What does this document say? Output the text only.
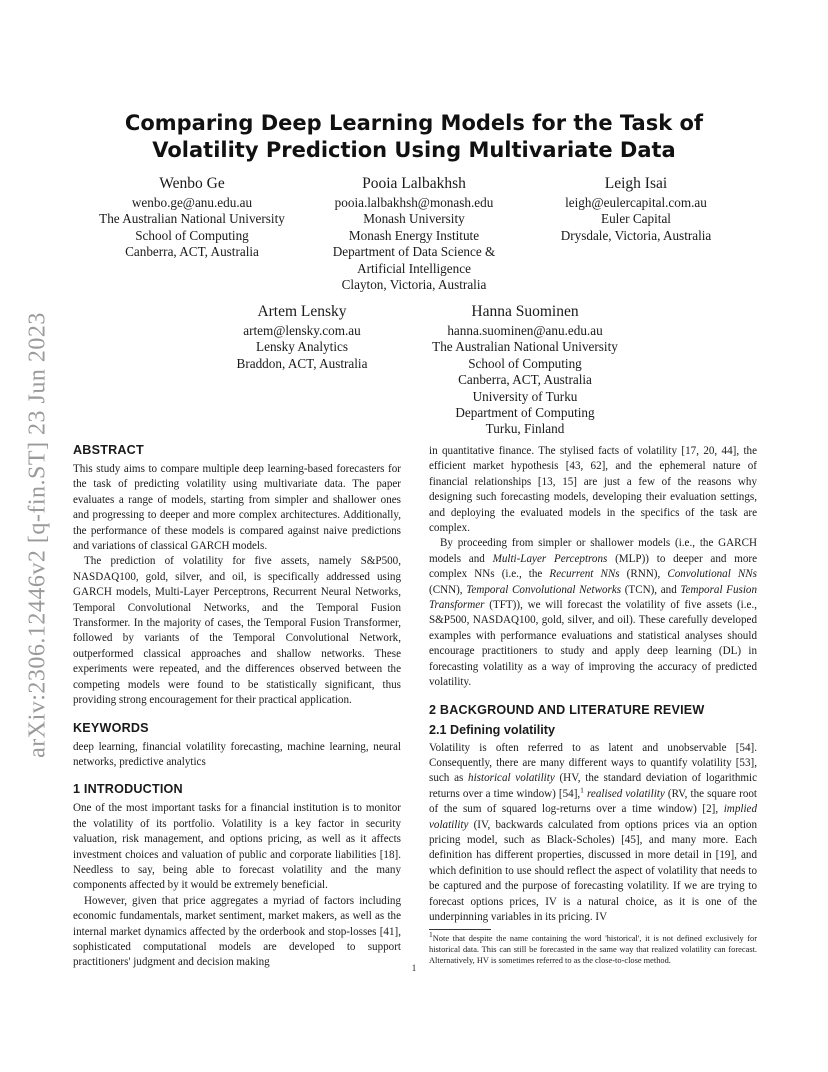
arXiv:2306.12446v2 [q-fin.ST] 23 Jun 2023
Comparing Deep Learning Models for the Task of Volatility Prediction Using Multivariate Data
Wenbo Ge
wenbo.ge@anu.edu.au
The Australian National University
School of Computing
Canberra, ACT, Australia
Pooia Lalbakhsh
pooia.lalbakhsh@monash.edu
Monash University
Monash Energy Institute
Department of Data Science &
Artificial Intelligence
Clayton, Victoria, Australia
Leigh Isai
leigh@eulercapital.com.au
Euler Capital
Drysdale, Victoria, Australia
Artem Lensky
artem@lensky.com.au
Lensky Analytics
Braddon, ACT, Australia
Hanna Suominen
hanna.suominen@anu.edu.au
The Australian National University
School of Computing
Canberra, ACT, Australia
University of Turku
Department of Computing
Turku, Finland
ABSTRACT

This study aims to compare multiple deep learning-based forecasters for the task of predicting volatility using multivariate data. The paper evaluates a range of models, starting from simpler and shallower ones and progressing to deeper and more complex architectures. Additionally, the performance of these models is compared against naive predictions and variations of classical GARCH models.

The prediction of volatility for five assets, namely S&P500, NASDAQ100, gold, silver, and oil, is specifically addressed using GARCH models, Multi-Layer Perceptrons, Recurrent Neural Networks, Temporal Convolutional Networks, and the Temporal Fusion Transformer. In the majority of cases, the Temporal Fusion Transformer, followed by variants of the Temporal Convolutional Network, outperformed classical approaches and shallow networks. These experiments were repeated, and the differences observed between the competing models were found to be statistically significant, thus providing strong encouragement for their practical application.

KEYWORDS

deep learning, financial volatility forecasting, machine learning, neural networks, predictive analytics

1 INTRODUCTION

One of the most important tasks for a financial institution is to monitor the volatility of its portfolio. Volatility is a key factor in security valuation, risk management, and options pricing, as well as it affects investment choices and valuation of public and corporate liabilities [18]. Needless to say, being able to forecast volatility and the many components affected by it would be extremely beneficial.

However, given that price aggregates a myriad of factors including economic fundamentals, market sentiment, market makers, as well as the internal market dynamics affected by the orderbook and stop-losses [41], sophisticated computational models are developed to support practitioners' judgment and decision making

in quantitative finance. The stylised facts of volatility [17, 20, 44], the efficient market hypothesis [43, 62], and the ephemeral nature of financial relationships [13, 15] are just a few of the reasons why designing such forecasting models, developing their evaluation settings, and deploying the evaluated models in the specifics of the task are complex.

By proceeding from simpler or shallower models (i.e., the GARCH models and Multi-Layer Perceptrons (MLP)) to deeper and more complex NNs (i.e., the Recurrent NNs (RNN), Convolutional NNs (CNN), Temporal Convolutional Networks (TCN), and Temporal Fusion Transformer (TFT)), we will forecast the volatility of five assets (i.e., S&P500, NASDAQ100, gold, silver, and oil). These carefully developed examples with performance evaluations and statistical analyses should encourage practitioners to study and apply deep learning (DL) in forecasting volatility as a way of improving the accuracy of predicted volatility.

2 BACKGROUND AND LITERATURE REVIEW
2.1 Defining volatility

Volatility is often referred to as latent and unobservable [54]. Consequently, there are many different ways to quantify volatility [53], such as historical volatility (HV, the standard deviation of logarithmic returns over a time window) [54],$^1$ realised volatility (RV, the square root of the sum of squared log-returns over a time window) [2], implied volatility (IV, backwards calculated from options prices via an option pricing model, such as Black-Scholes) [45], and many more. Each definition has different properties, discussed in more detail in [19], and which definition to use should reflect the aspect of volatility that needs to be captured and the purpose of forecasting volatility. If we are trying to forecast options prices, IV is a natural choice, as it is one of the underpinning variables in its pricing. IV

$^1$Note that despite the name containing the word 'historical', it is not defined exclusively for historical data. This can still be forecasted in the same way that realized volatility can forecast. Alternatively, HV is sometimes referred to as the close-to-close method.
1
